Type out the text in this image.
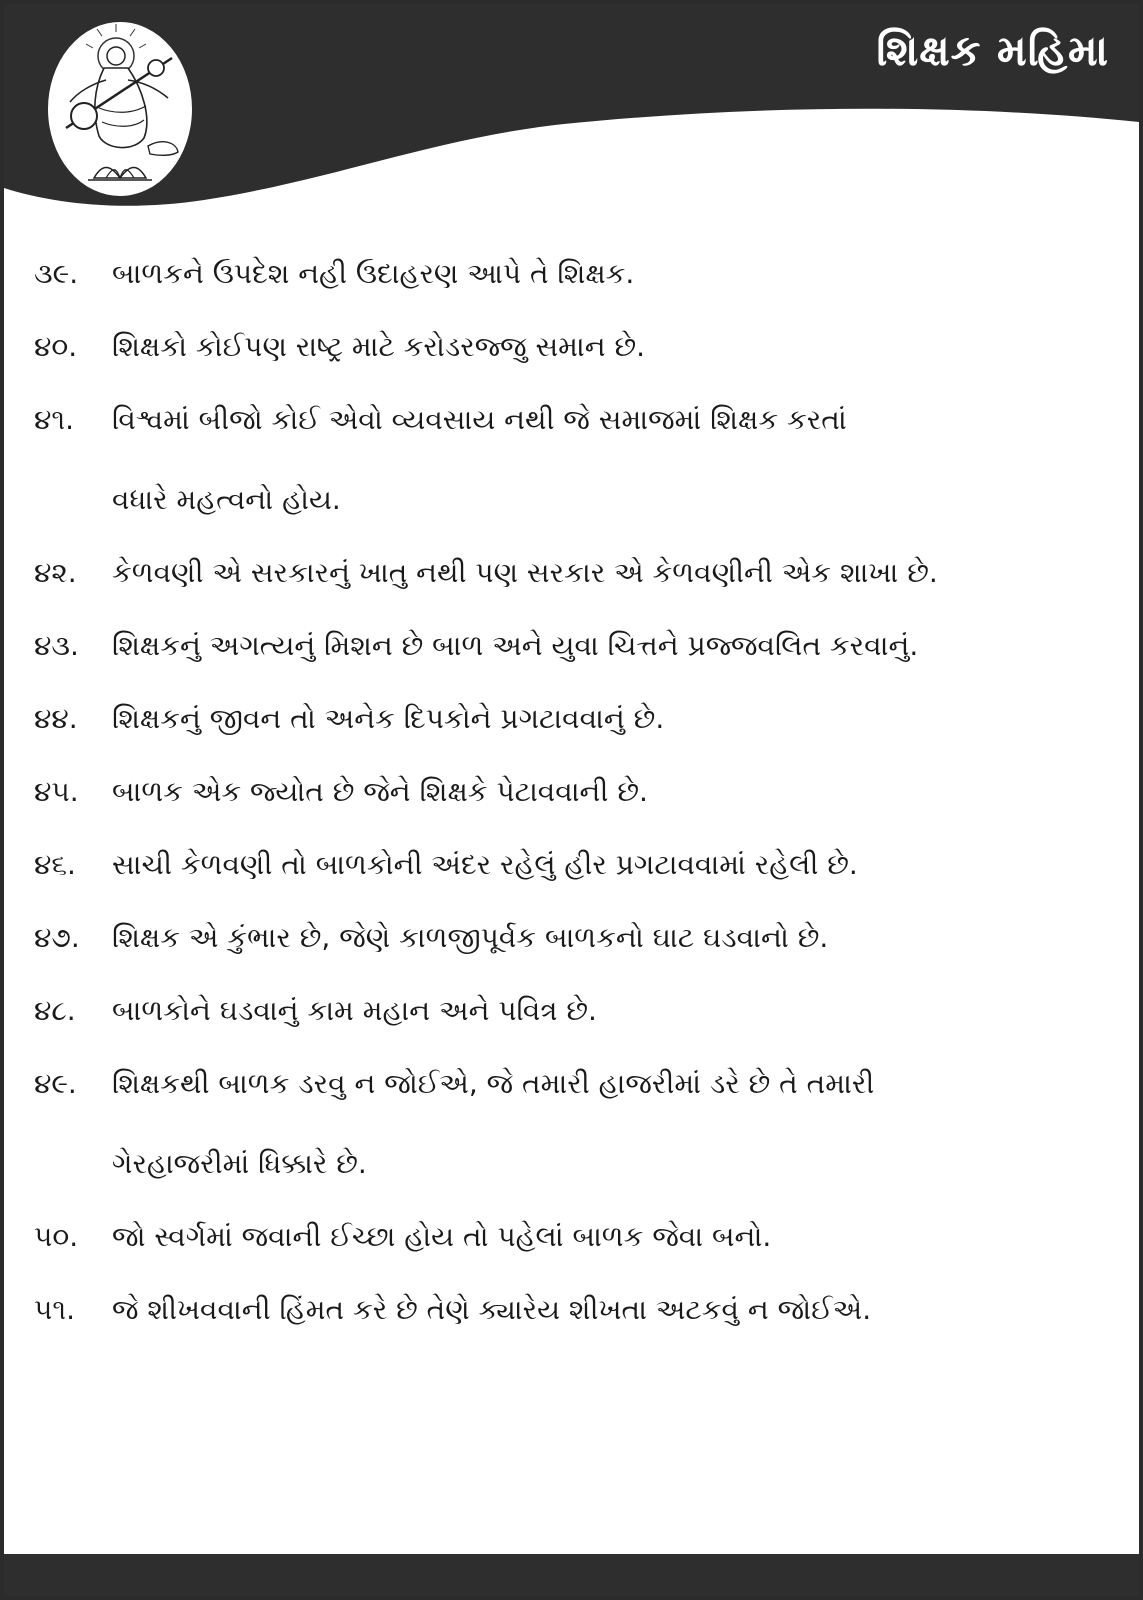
શિક્ષક મહિમા
૩૯.	બાળકને ઉપદેશ નહી ઉદાહરણ આપે તે શિક્ષક.
૪૦.	શિક્ષકો કોઈપણ રાષ્ટ્ર માટે કરોડરજ્જુ સમાન છે.
૪૧.	વિશ્વમાં બીજો કોઈ એવો વ્યવસાય નથી જે સમાજમાં શિક્ષક કરતાં
વધારે મહત્વનો હોય.
૪૨.	કેળવણી એ સરકારનું ખાતુ નથી પણ સરકાર એ કેળવણીની એક શાખા છે.
૪૩.	શિક્ષકનું અગત્યનું મિશન છે બાળ અને યુવા ચિત્તને પ્રજ્જવલિત કરવાનું.
૪૪.	શિક્ષકનું જીવન તો અનેક દિપકોને પ્રગટાવવાનું છે.
૪૫.	બાળક એક જ્યોત છે જેને શિક્ષકે પેટાવવાની છે.
૪૬.	સાચી કેળવણી તો બાળકોની અંદર રહેલું હીર પ્રગટાવવામાં રહેલી છે.
૪૭.	શિક્ષક એ કુંભાર છે, જેણે કાળજીપૂર્વક બાળકનો ઘાટ ઘડવાનો છે.
૪૮.	બાળકોને ઘડવાનું કામ મહાન અને પવિત્ર છે.
૪૯.	શિક્ષકથી બાળક ડરવુ ન જોઈએ, જે તમારી હાજરીમાં ડરે છે તે તમારી
ગેરહાજરીમાં ધિક્કારે છે.
૫૦.	જો સ્વર્ગમાં જવાની ઈચ્છા હોય તો પહેલાં બાળક જેવા બનો.
૫૧.	જે શીખવવાની હિંમત કરે છે તેણે ક્યારેય શીખતા અટકવું ન જોઈએ.
